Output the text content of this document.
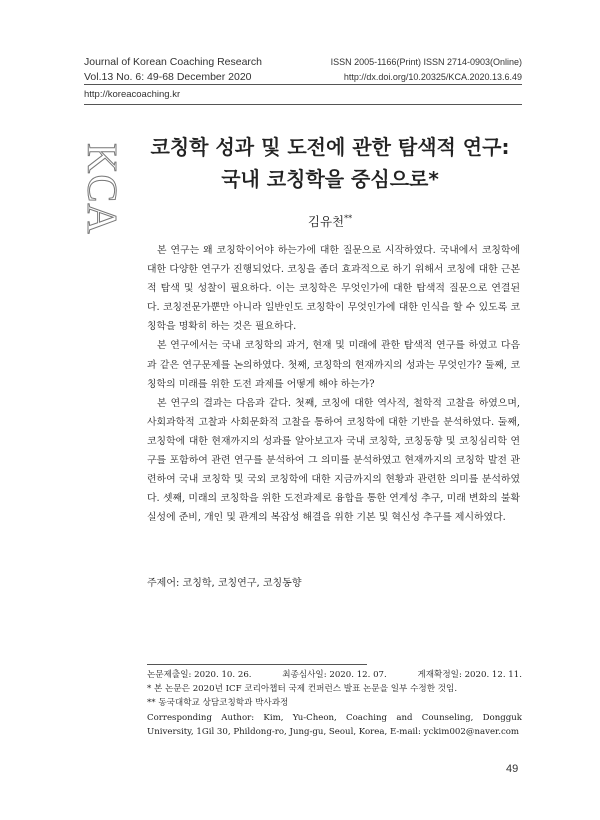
Journal of Korean Coaching Research
Vol.13 No. 6: 49-68 December 2020
ISSN 2005-1166(Print) ISSN 2714-0903(Online)
http://dx.doi.org/10.20325/KCA.2020.13.6.49
http://koreacoaching.kr
KCA	코칭학 성과 및 도전에 관한 탐색적 연구:
국내 코칭학을 중심으로*
김유천**

본 연구는 왜 코칭학이어야 하는가에 대한 질문으로 시작하였다. 국내에서 코칭학에 대한 다양한 연구가 진행되었다. 코칭을 좀더 효과적으로 하기 위해서 코칭에 대한 근본적 탐색 및 성찰이 필요하다. 이는 코칭학은 무엇인가에 대한 탐색적 질문으로 연결된다. 코칭전문가뿐만 아니라 일반인도 코칭학이 무엇인가에 대한 인식을 할 수 있도록 코칭학을 명확히 하는 것은 필요하다.

본 연구에서는 국내 코칭학의 과거, 현재 및 미래에 관한 탐색적 연구를 하였고 다음과 같은 연구문제를 논의하였다. 첫째, 코칭학의 현재까지의 성과는 무엇인가? 둘째, 코칭학의 미래를 위한 도전 과제를 어떻게 해야 하는가?

본 연구의 결과는 다음과 같다. 첫째, 코칭에 대한 역사적, 철학적 고찰을 하였으며, 사회과학적 고찰과 사회문화적 고찰을 통하여 코칭학에 대한 기반을 분석하였다. 둘째, 코칭학에 대한 현재까지의 성과를 알아보고자 국내 코칭학, 코칭동향 및 코칭심리학 연구를 포함하여 관련 연구를 분석하여 그 의미를 분석하였고 현재까지의 코칭학 발전 관련하여 국내 코칭학 및 국외 코칭학에 대한 지금까지의 현황과 관련한 의미를 분석하였다. 셋째, 미래의 코칭학을 위한 도전과제로 융합을 통한 연계성 추구, 미래 변화의 불확실성에 준비, 개인 및 관계의 복잡성 해결을 위한 기본 및 혁신성 추구를 제시하였다.

주제어: 코칭학, 코칭연구, 코칭동향
논문제출일: 2020. 10. 26.	최종심사일: 2020. 12. 07.	게재확정일: 2020. 12. 11.
* 본 논문은 2020년 ICF 코리아챕터 국제 컨퍼런스 발표 논문을 일부 수정한 것임.
** 동국대학교 상담코칭학과 박사과정
Corresponding Author: Kim, Yu-Cheon, Coaching and Counseling, Dongguk University, 1Gil 30, Phildong-ro, Jung-gu, Seoul, Korea, E-mail: yckim002@naver.com
49
